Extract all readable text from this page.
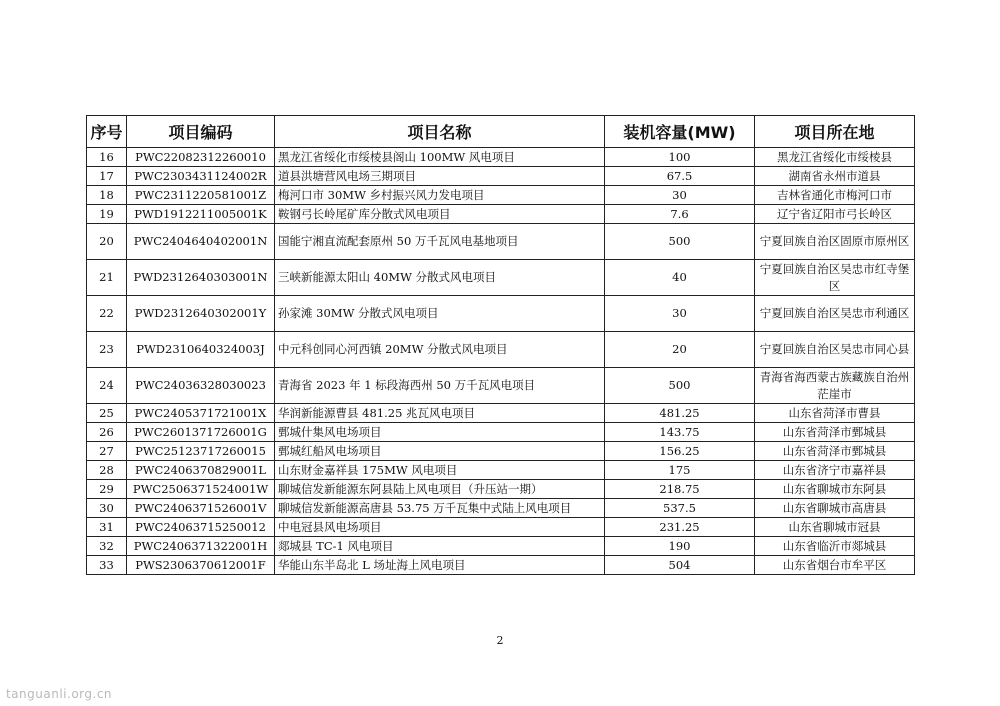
序号	项目编码	项目名称	装机容量(MW)	项目所在地
16	PWC22082312260010	黑龙江省绥化市绥棱县阁山 100MW 风电项目	100	黑龙江省绥化市绥棱县
17	PWC2303431124002R	道县洪塘营风电场三期项目	67.5	湖南省永州市道县
18	PWC2311220581001Z	梅河口市 30MW 乡村振兴风力发电项目	30	吉林省通化市梅河口市
19	PWD1912211005001K	鞍钢弓长岭尾矿库分散式风电项目	7.6	辽宁省辽阳市弓长岭区
20	PWC2404640402001N	国能宁湘直流配套原州 50 万千瓦风电基地项目	500	宁夏回族自治区固原市原州区
21	PWD2312640303001N	三峡新能源太阳山 40MW 分散式风电项目	40	宁夏回族自治区吴忠市红寺堡区
22	PWD2312640302001Y	孙家滩 30MW 分散式风电项目	30	宁夏回族自治区吴忠市利通区
23	PWD2310640324003J	中元科创同心河西镇 20MW 分散式风电项目	20	宁夏回族自治区吴忠市同心县
24	PWC24036328030023	青海省 2023 年 1 标段海西州 50 万千瓦风电项目	500	青海省海西蒙古族藏族自治州茫崖市
25	PWC2405371721001X	华润新能源曹县 481.25 兆瓦风电项目	481.25	山东省菏泽市曹县
26	PWC2601371726001G	鄄城什集风电场项目	143.75	山东省菏泽市鄄城县
27	PWC25123717260015	鄄城红船风电场项目	156.25	山东省菏泽市鄄城县
28	PWC2406370829001L	山东财金嘉祥县 175MW 风电项目	175	山东省济宁市嘉祥县
29	PWC2506371524001W	聊城信发新能源东阿县陆上风电项目（升压站一期）	218.75	山东省聊城市东阿县
30	PWC2406371526001V	聊城信发新能源高唐县 53.75 万千瓦集中式陆上风电项目	537.5	山东省聊城市高唐县
31	PWC24063715250012	中电冠县风电场项目	231.25	山东省聊城市冠县
32	PWC2406371322001H	郯城县 TC-1 风电项目	190	山东省临沂市郯城县
33	PWS2306370612001F	华能山东半岛北 L 场址海上风电项目	504	山东省烟台市牟平区
2
tanguanli.org.cn
